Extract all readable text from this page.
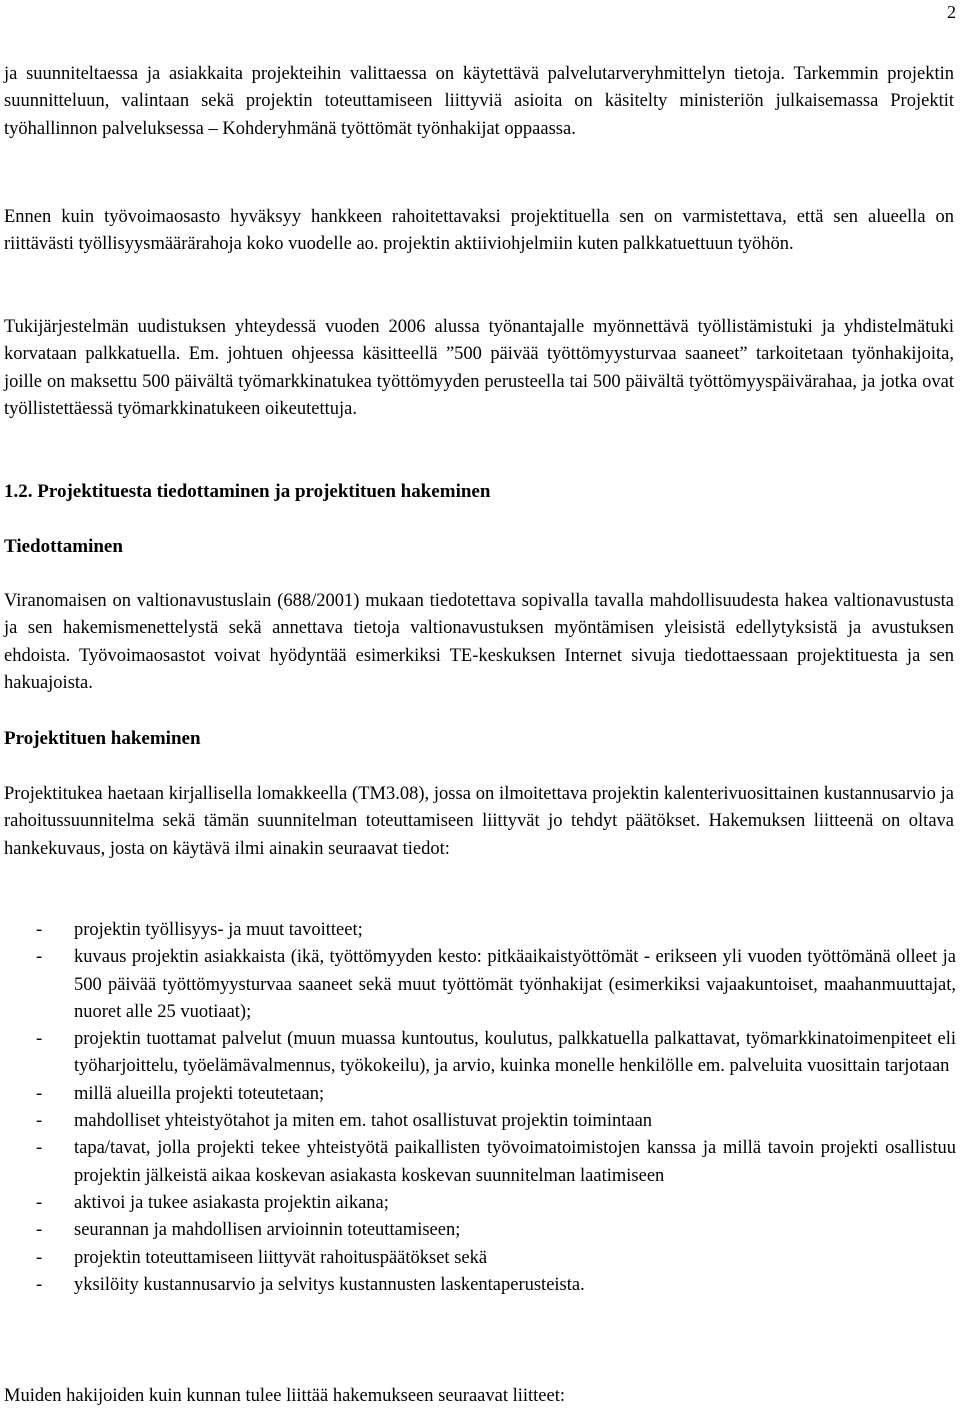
2

ja suunniteltaessa ja asiakkaita projekteihin valittaessa on käytettävä palvelutarveryhmittelyn tietoja. Tarkemmin projektin suunnitteluun, valintaan sekä projektin toteuttamiseen liittyviä asioita on käsitelty ministeriön julkaisemassa Projektit työhallinnon palveluksessa – Kohderyhmänä työttömät työnhakijat oppaassa.

Ennen kuin työvoimaosasto hyväksyy hankkeen rahoitettavaksi projektituella sen on varmistettava, että sen alueella on riittävästi työllisyysmäärärahoja koko vuodelle ao. projektin aktiiviohjelmiin kuten palkkatuettuun työhön.

Tukijärjestelmän uudistuksen yhteydessä vuoden 2006 alussa työnantajalle myönnettävä työllistämistuki ja yhdistelmätuki korvataan palkkatuella. Em. johtuen ohjeessa käsitteellä ”500 päivää työttömyysturvaa saaneet” tarkoitetaan työnhakijoita, joille on maksettu 500 päivältä työmarkkinatukea työttömyyden perusteella tai 500 päivältä työttömyyspäivärahaa, ja jotka ovat työllistettäessä työmarkkinatukeen oikeutettuja.

1.2. Projektituesta tiedottaminen ja projektituen hakeminen
Tiedottaminen

Viranomaisen on valtionavustuslain (688/2001) mukaan tiedotettava sopivalla tavalla mahdollisuudesta hakea valtionavustusta ja sen hakemismenettelystä sekä annettava tietoja valtionavustuksen myöntämisen yleisistä edellytyksistä ja avustuksen ehdoista. Työvoimaosastot voivat hyödyntää esimerkiksi TE-keskuksen Internet sivuja tiedottaessaan projektituesta ja sen hakuajoista.

Projektituen hakeminen

Projektitukea haetaan kirjallisella lomakkeella (TM3.08), jossa on ilmoitettava projektin kalenterivuosittainen kustannusarvio ja rahoitussuunnitelma sekä tämän suunnitelman toteuttamiseen liittyvät jo tehdyt päätökset. Hakemuksen liitteenä on oltava hankekuvaus, josta on käytävä ilmi ainakin seuraavat tiedot:

- projektin työllisyys- ja muut tavoitteet;
- kuvaus projektin asiakkaista (ikä, työttömyyden kesto: pitkäaikaistyöttömät - erikseen yli vuoden työttömänä olleet ja 500 päivää työttömyysturvaa saaneet sekä muut työttömät työnhakijat (esimerkiksi vajaakuntoiset, maahanmuuttajat, nuoret alle 25 vuotiaat);
- projektin tuottamat palvelut (muun muassa kuntoutus, koulutus, palkkatuella palkattavat, työmarkkinatoimenpiteet eli työharjoittelu, työelämävalmennus, työkokeilu), ja arvio, kuinka monelle henkilölle em. palveluita vuosittain tarjotaan
- millä alueilla projekti toteutetaan;
- mahdolliset yhteistyötahot ja miten em. tahot osallistuvat projektin toimintaan
- tapa/tavat, jolla projekti tekee yhteistyötä paikallisten työvoimatoimistojen kanssa ja millä tavoin projekti osallistuu projektin jälkeistä aikaa koskevan asiakasta koskevan suunnitelman laatimiseen
- aktivoi ja tukee asiakasta projektin aikana;
- seurannan ja mahdollisen arvioinnin toteuttamiseen;
- projektin toteuttamiseen liittyvät rahoituspäätökset sekä
- yksilöity kustannusarvio ja selvitys kustannusten laskentaperusteista.

Muiden hakijoiden kuin kunnan tulee liittää hakemukseen seuraavat liitteet:
